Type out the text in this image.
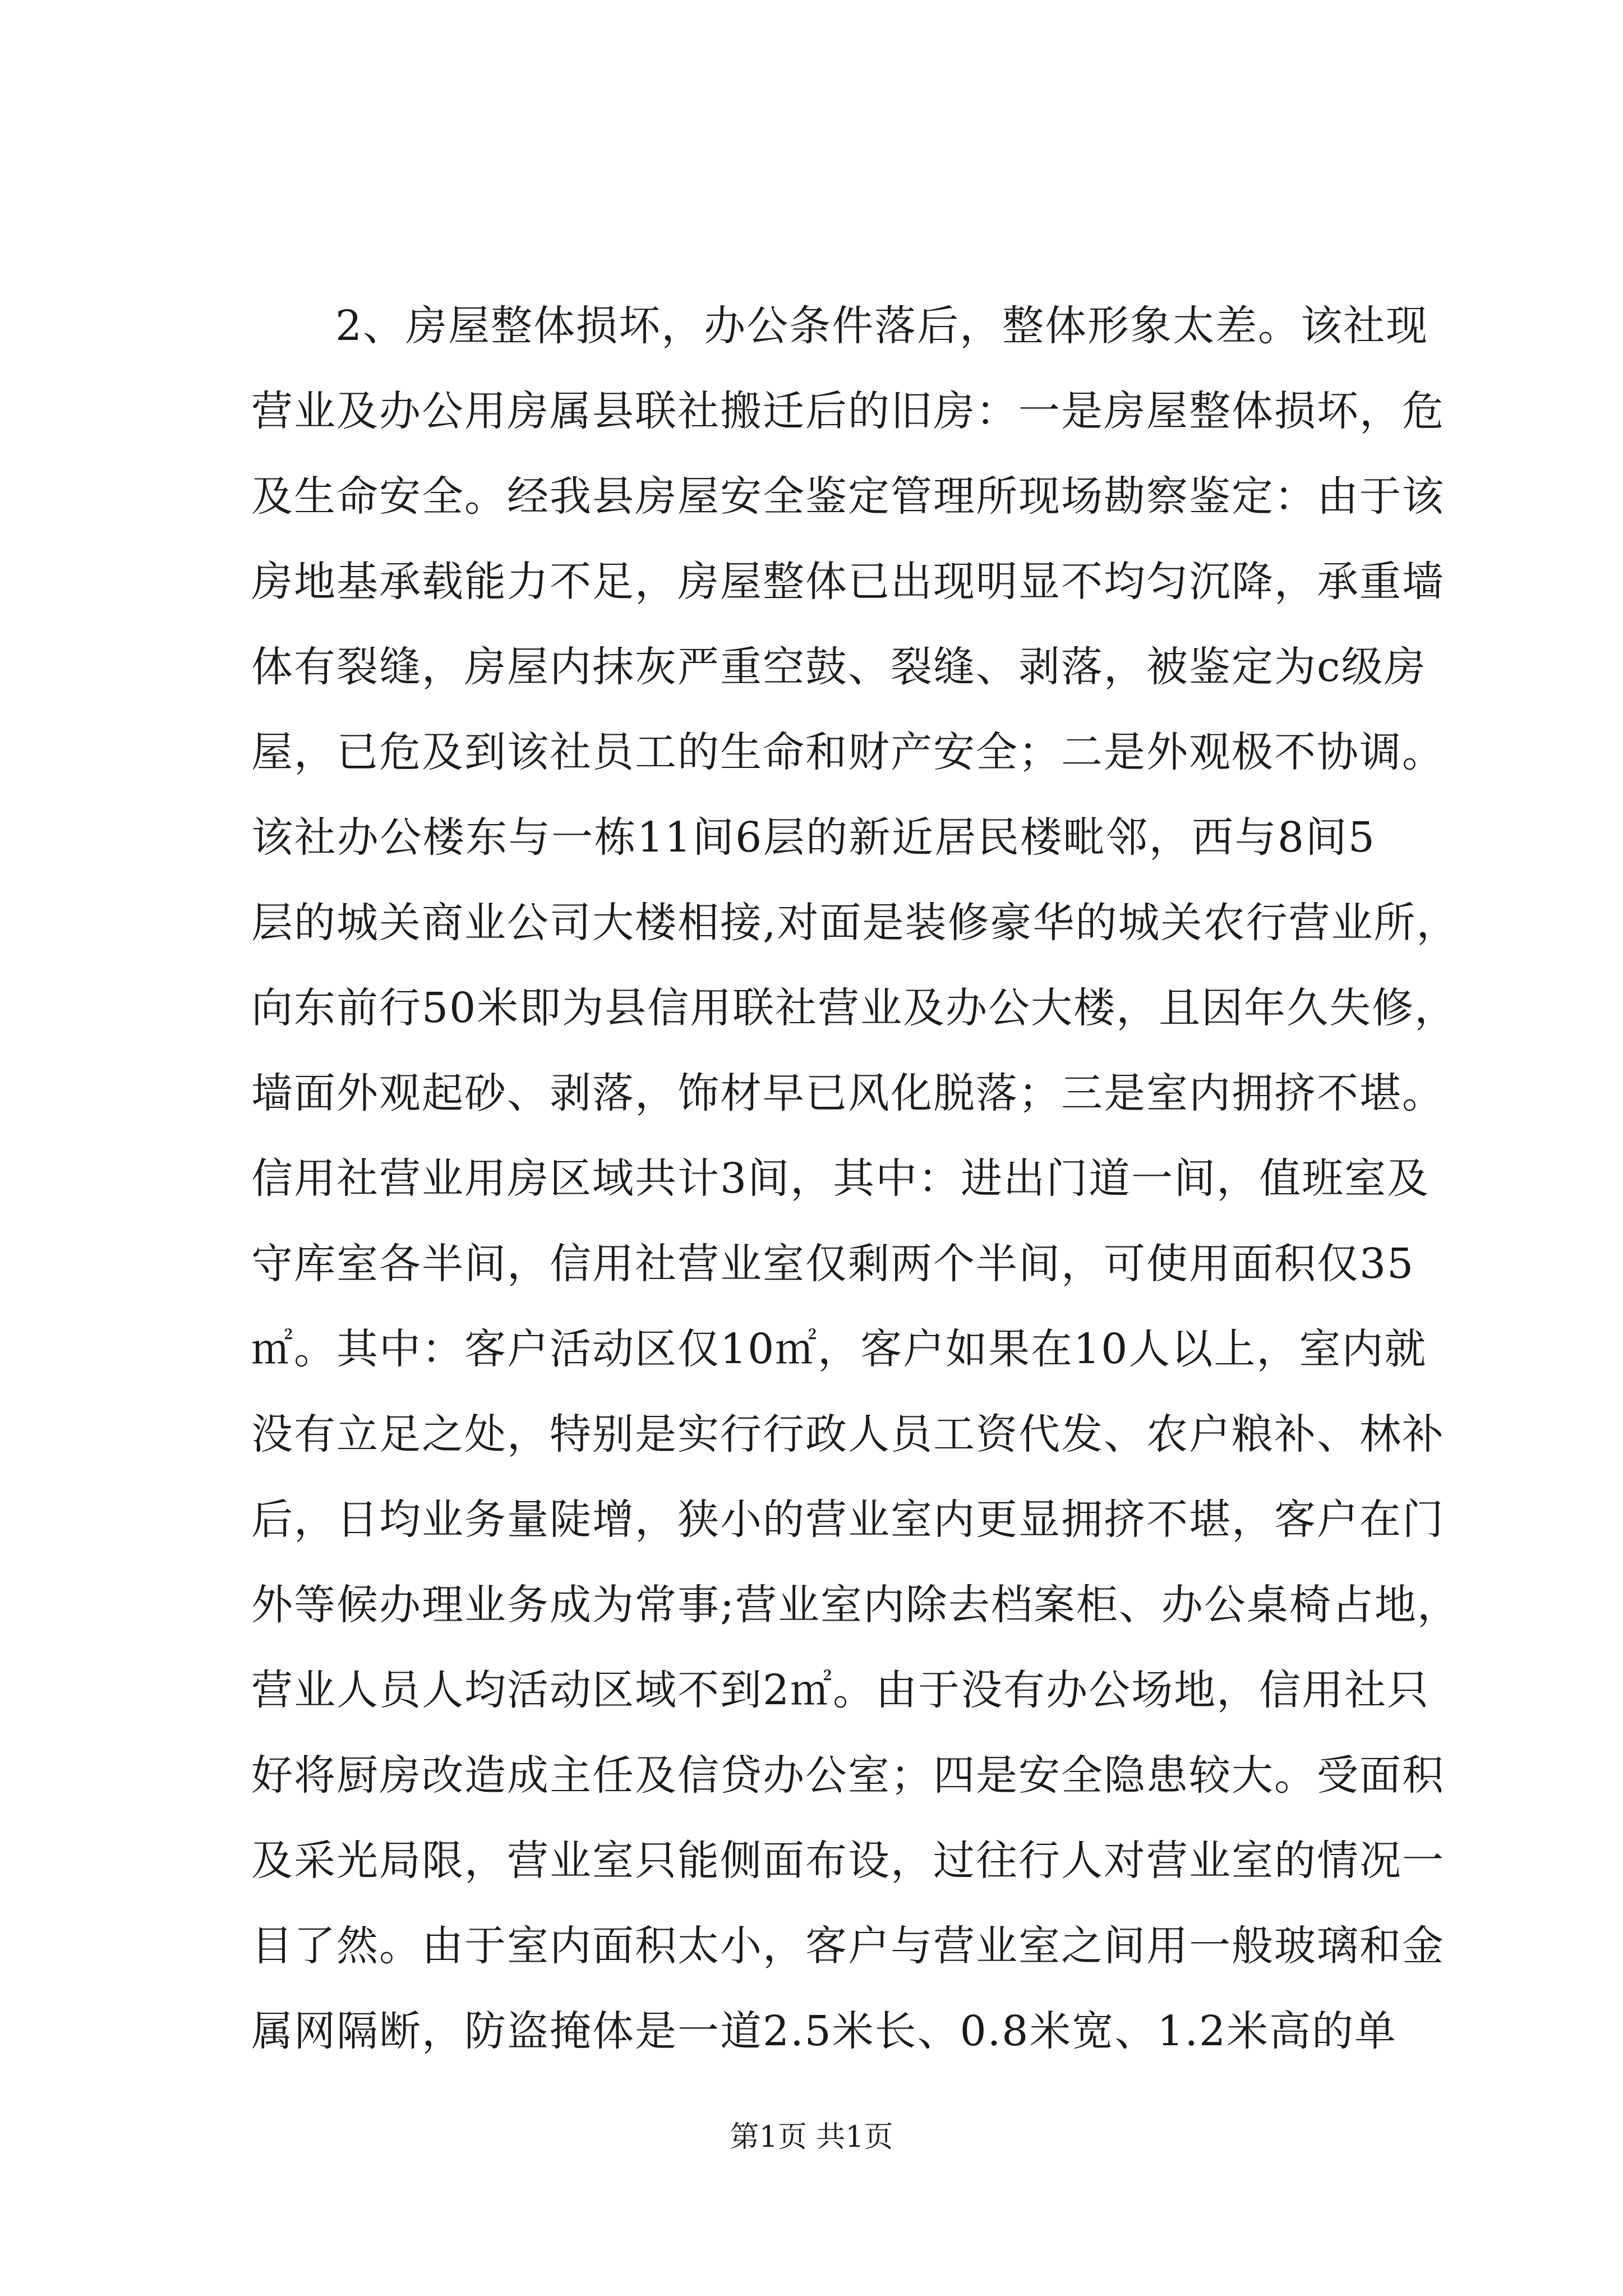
2、房屋整体损坏，办公条件落后，整体形象太差。该社现
营业及办公用房属县联社搬迁后的旧房：一是房屋整体损坏，危
及生命安全。经我县房屋安全鉴定管理所现场勘察鉴定：由于该
房地基承载能力不足，房屋整体已出现明显不均匀沉降，承重墙
体有裂缝，房屋内抹灰严重空鼓、裂缝、剥落，被鉴定为c级房
屋，已危及到该社员工的生命和财产安全；二是外观极不协调。
该社办公楼东与一栋11间6层的新近居民楼毗邻，西与8间5
层的城关商业公司大楼相接,对面是装修豪华的城关农行营业所，
向东前行50米即为县信用联社营业及办公大楼，且因年久失修，
墙面外观起砂、剥落，饰材早已风化脱落；三是室内拥挤不堪。
信用社营业用房区域共计3间，其中：进出门道一间，值班室及
守库室各半间，信用社营业室仅剩两个半间，可使用面积仅35
㎡。其中：客户活动区仅10㎡，客户如果在10人以上，室内就
没有立足之处，特别是实行行政人员工资代发、农户粮补、林补
后，日均业务量陡增，狭小的营业室内更显拥挤不堪，客户在门
外等候办理业务成为常事;营业室内除去档案柜、办公桌椅占地，
营业人员人均活动区域不到2㎡。由于没有办公场地，信用社只
好将厨房改造成主任及信贷办公室；四是安全隐患较大。受面积
及采光局限，营业室只能侧面布设，过往行人对营业室的情况一
目了然。由于室内面积太小，客户与营业室之间用一般玻璃和金
属网隔断，防盗掩体是一道2.5米长、0.8米宽、1.2米高的单
第1页 共1页
